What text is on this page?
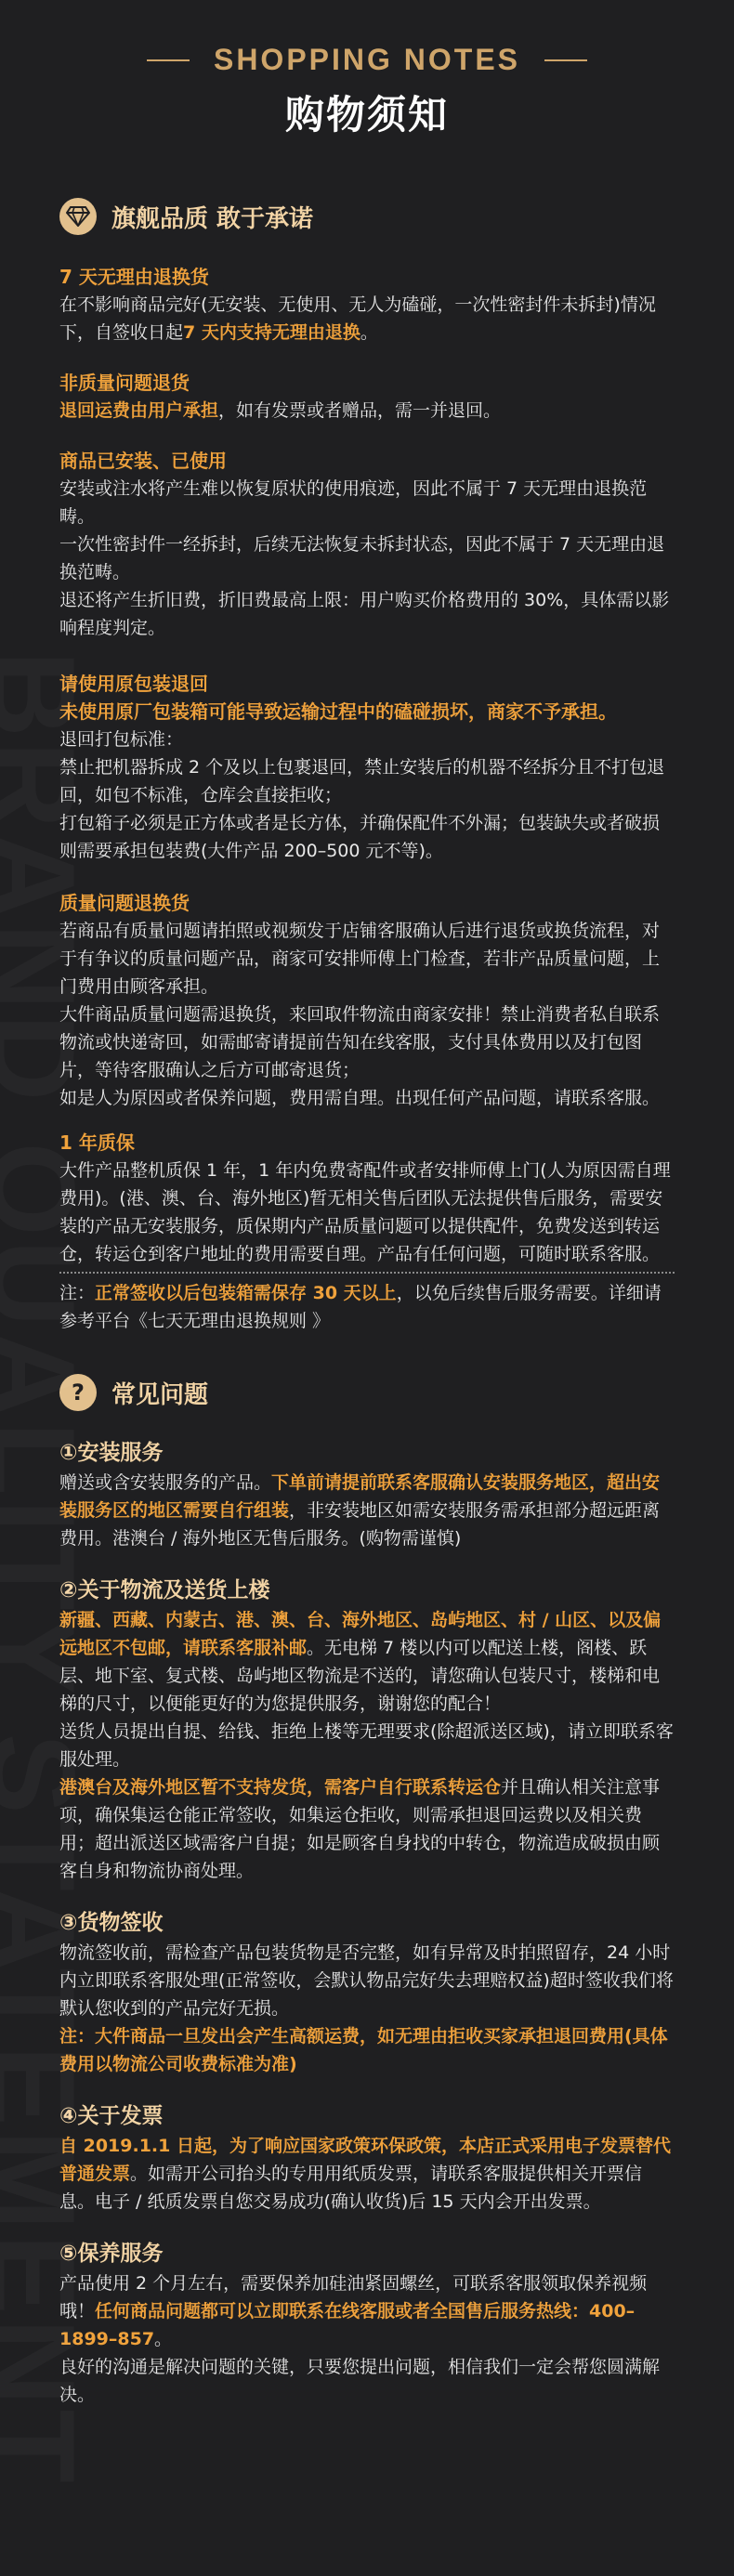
SHOPPING NOTES
购物须知
旗舰品质 敢于承诺
7 天无理由退换货
在不影响商品完好(无安装、无使用、无人为磕碰，一次性密封件未拆封)情况下，自签收日起7 天内支持无理由退换。
非质量问题退货
退回运费由用户承担，如有发票或者赠品，需一并退回。
商品已安装、已使用
安装或注水将产生难以恢复原状的使用痕迹，因此不属于 7 天无理由退换范畴。
一次性密封件一经拆封，后续无法恢复未拆封状态，因此不属于 7 天无理由退换范畴。
退还将产生折旧费，折旧费最高上限：用户购买价格费用的 30%，具体需以影响程度判定。
请使用原包装退回
未使用原厂包装箱可能导致运输过程中的磕碰损坏，商家不予承担。
退回打包标准：
禁止把机器拆成 2 个及以上包裹退回，禁止安装后的机器不经拆分且不打包退回，如包不标准，仓库会直接拒收；
打包箱子必须是正方体或者是长方体，并确保配件不外漏；包装缺失或者破损则需要承担包装费(大件产品 200–500 元不等)。
质量问题退换货
若商品有质量问题请拍照或视频发于店铺客服确认后进行退货或换货流程，对于有争议的质量问题产品，商家可安排师傅上门检查，若非产品质量问题，上门费用由顾客承担。
大件商品质量问题需退换货，来回取件物流由商家安排！禁止消费者私自联系物流或快递寄回，如需邮寄请提前告知在线客服，支付具体费用以及打包图片，等待客服确认之后方可邮寄退货；
如是人为原因或者保养问题，费用需自理。出现任何产品问题，请联系客服。
1 年质保
大件产品整机质保 1 年，1 年内免费寄配件或者安排师傅上门(人为原因需自理费用)。(港、澳、台、海外地区)暂无相关售后团队无法提供售后服务，需要安装的产品无安装服务，质保期内产品质量问题可以提供配件，免费发送到转运仓，转运仓到客户地址的费用需要自理。产品有任何问题，可随时联系客服。
注：正常签收以后包装箱需保存 30 天以上，以免后续售后服务需要。详细请参考平台《七天无理由退换规则 》
?	常见问题
①安装服务
赠送或含安装服务的产品。下单前请提前联系客服确认安装服务地区，超出安装服务区的地区需要自行组装，非安装地区如需安装服务需承担部分超远距离费用。港澳台 / 海外地区无售后服务。(购物需谨慎)
②关于物流及送货上楼
新疆、西藏、内蒙古、港、澳、台、海外地区、岛屿地区、村 / 山区、以及偏远地区不包邮，请联系客服补邮。无电梯 7 楼以内可以配送上楼，阁楼、跃层、地下室、复式楼、岛屿地区物流是不送的，请您确认包装尺寸，楼梯和电梯的尺寸，以便能更好的为您提供服务，谢谢您的配合！
送货人员提出自提、给钱、拒绝上楼等无理要求(除超派送区域)，请立即联系客服处理。
港澳台及海外地区暂不支持发货，需客户自行联系转运仓并且确认相关注意事项，确保集运仓能正常签收，如集运仓拒收，则需承担退回运费以及相关费用；超出派送区域需客户自提；如是顾客自身找的中转仓，物流造成破损由顾客自身和物流协商处理。
③货物签收
物流签收前，需检查产品包装货物是否完整，如有异常及时拍照留存，24 小时内立即联系客服处理(正常签收，会默认物品完好失去理赔权益)超时签收我们将默认您收到的产品完好无损。
注：大件商品一旦发出会产生高额运费，如无理由拒收买家承担退回费用(具体费用以物流公司收费标准为准)
④关于发票
自 2019.1.1 日起，为了响应国家政策环保政策，本店正式采用电子发票替代普通发票。如需开公司抬头的专用用纸质发票，请联系客服提供相关开票信息。电子 / 纸质发票自您交易成功(确认收货)后 15 天内会开出发票。
⑤保养服务
产品使用 2 个月左右，需要保养加硅油紧固螺丝，可联系客服领取保养视频哦！任何商品问题都可以立即联系在线客服或者全国售后服务热线：400–1899–857。
良好的沟通是解决问题的关键，只要您提出问题，相信我们一定会帮您圆满解决。
